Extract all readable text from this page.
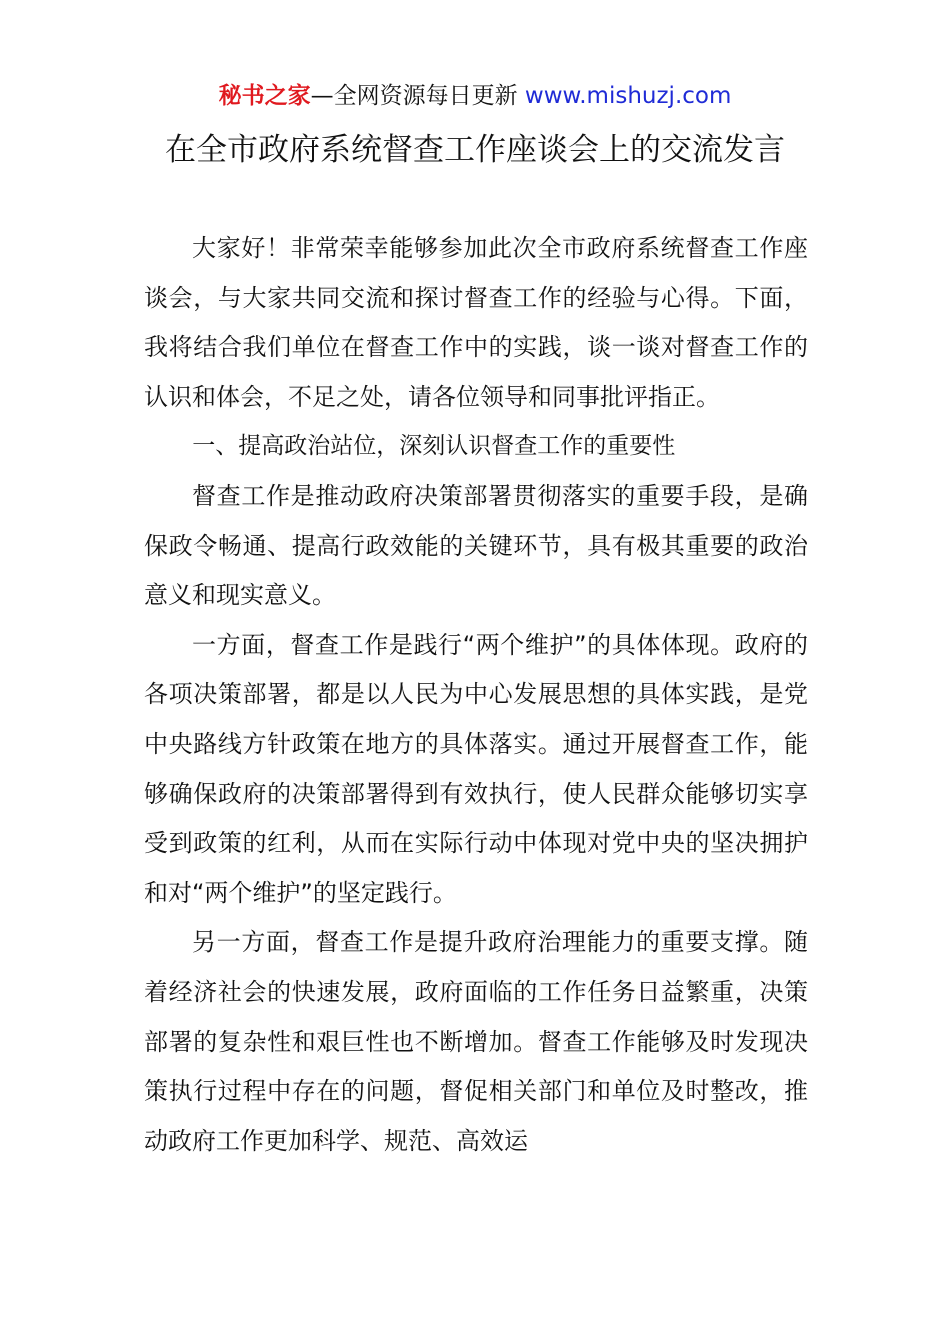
秘书之家—全网资源每日更新 www.mishuzj.com
在全市政府系统督查工作座谈会上的交流发言

大家好！非常荣幸能够参加此次全市政府系统督查工作座谈会，与大家共同交流和探讨督查工作的经验与心得。下面，我将结合我们单位在督查工作中的实践，谈一谈对督查工作的认识和体会，不足之处，请各位领导和同事批评指正。

一、提高政治站位，深刻认识督查工作的重要性

督查工作是推动政府决策部署贯彻落实的重要手段，是确保政令畅通、提高行政效能的关键环节，具有极其重要的政治意义和现实意义。

一方面，督查工作是践行“两个维护”的具体体现。政府的各项决策部署，都是以人民为中心发展思想的具体实践，是党中央路线方针政策在地方的具体落实。通过开展督查工作，能够确保政府的决策部署得到有效执行，使人民群众能够切实享受到政策的红利，从而在实际行动中体现对党中央的坚决拥护和对“两个维护”的坚定践行。

另一方面，督查工作是提升政府治理能力的重要支撑。随着经济社会的快速发展，政府面临的工作任务日益繁重，决策部署的复杂性和艰巨性也不断增加。督查工作能够及时发现决策执行过程中存在的问题，督促相关部门和单位及时整改，推动政府工作更加科学、规范、高效运
